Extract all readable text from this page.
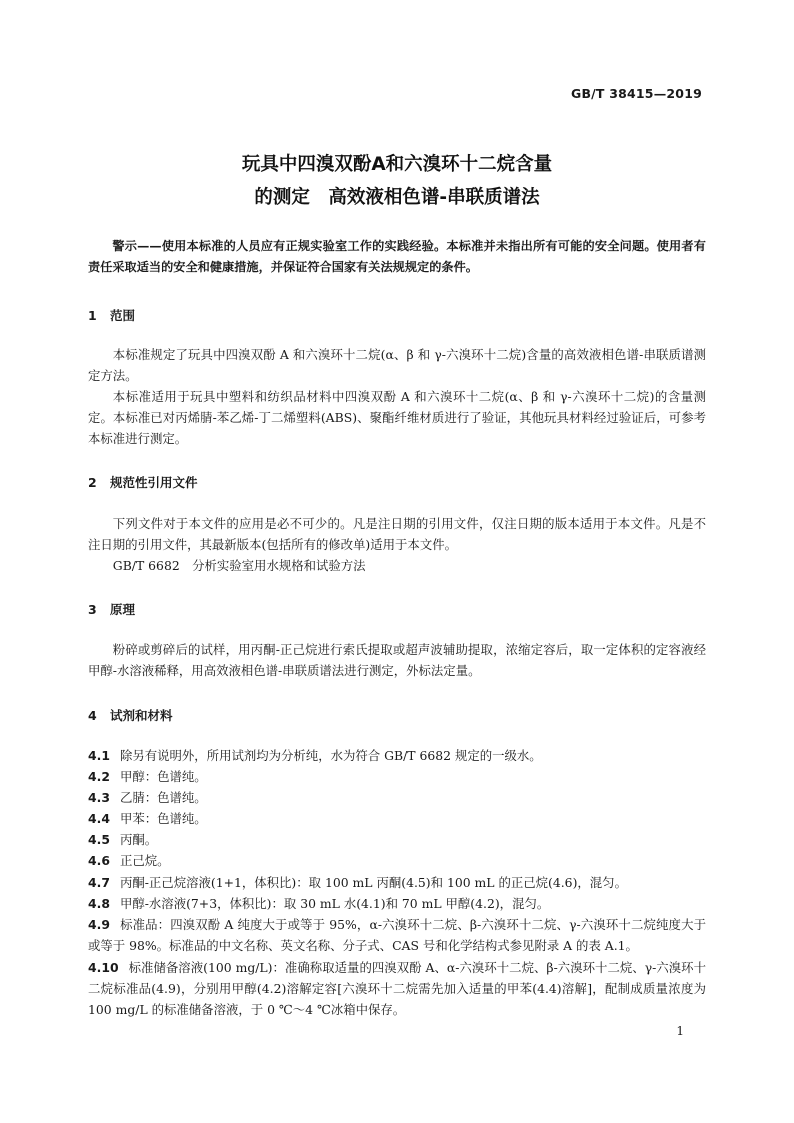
GB/T 38415—2019
玩具中四溴双酚A和六溴环十二烷含量
的测定　高效液相色谱-串联质谱法
警示——使用本标准的人员应有正规实验室工作的实践经验。本标准并未指出所有可能的安全问题。使用者有责任采取适当的安全和健康措施，并保证符合国家有关法规规定的条件。
1 范围
本标准规定了玩具中四溴双酚 A 和六溴环十二烷(α、β 和 γ-六溴环十二烷)含量的高效液相色谱-串联质谱测定方法。
本标准适用于玩具中塑料和纺织品材料中四溴双酚 A 和六溴环十二烷(α、β 和 γ-六溴环十二烷)的含量测定。本标准已对丙烯腈-苯乙烯-丁二烯塑料(ABS)、聚酯纤维材质进行了验证，其他玩具材料经过验证后，可参考本标准进行测定。
2 规范性引用文件
下列文件对于本文件的应用是必不可少的。凡是注日期的引用文件，仅注日期的版本适用于本文件。凡是不注日期的引用文件，其最新版本(包括所有的修改单)适用于本文件。
GB/T 6682　分析实验室用水规格和试验方法
3 原理
粉碎或剪碎后的试样，用丙酮-正己烷进行索氏提取或超声波辅助提取，浓缩定容后，取一定体积的定容液经甲醇-水溶液稀释，用高效液相色谱-串联质谱法进行测定，外标法定量。
4 试剂和材料
4.1 除另有说明外，所用试剂均为分析纯，水为符合 GB/T 6682 规定的一级水。
4.2 甲醇：色谱纯。
4.3 乙腈：色谱纯。
4.4 甲苯：色谱纯。
4.5 丙酮。
4.6 正己烷。
4.7 丙酮-正己烷溶液(1+1，体积比)：取 100 mL 丙酮(4.5)和 100 mL 的正己烷(4.6)，混匀。
4.8 甲醇-水溶液(7+3，体积比)：取 30 mL 水(4.1)和 70 mL 甲醇(4.2)，混匀。
4.9 标准品：四溴双酚 A 纯度大于或等于 95%，α-六溴环十二烷、β-六溴环十二烷、γ-六溴环十二烷纯度大于或等于 98%。标准品的中文名称、英文名称、分子式、CAS 号和化学结构式参见附录 A 的表 A.1。
4.10 标准储备溶液(100 mg/L)：准确称取适量的四溴双酚 A、α-六溴环十二烷、β-六溴环十二烷、γ-六溴环十二烷标准品(4.9)，分别用甲醇(4.2)溶解定容[六溴环十二烷需先加入适量的甲苯(4.4)溶解]，配制成质量浓度为 100 mg/L 的标准储备溶液，于 0 ℃～4 ℃冰箱中保存。
1
